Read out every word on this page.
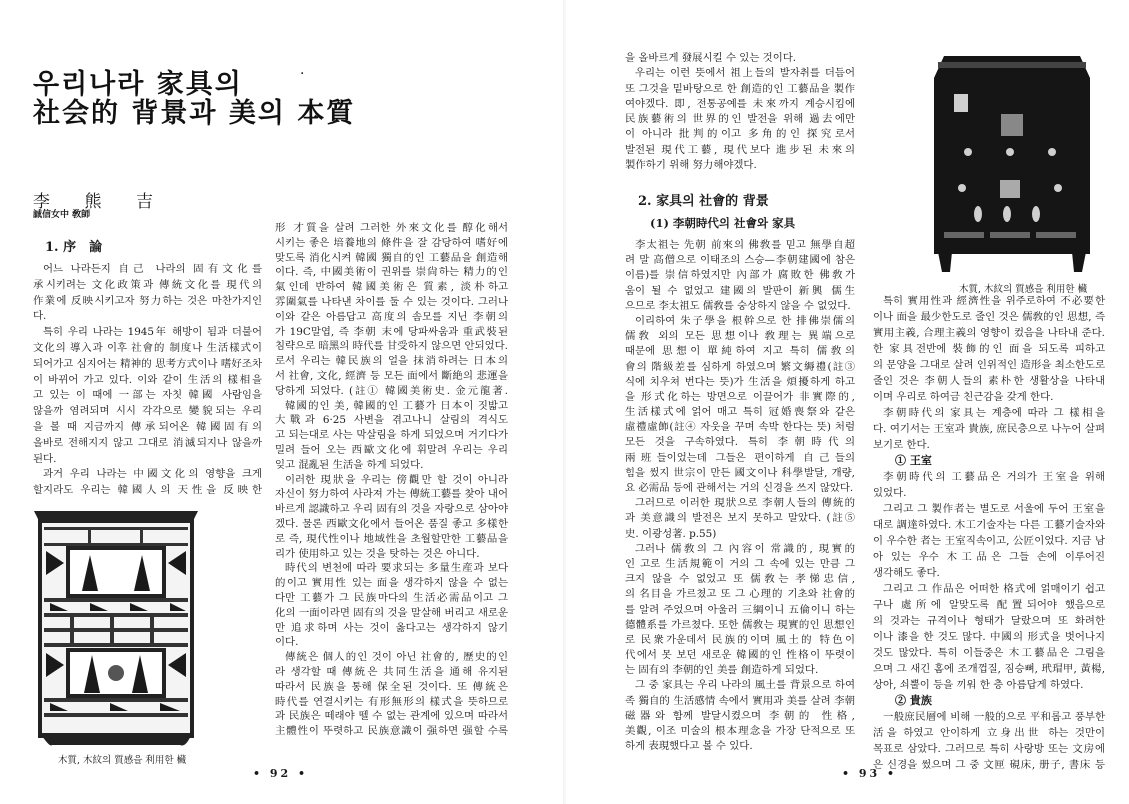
우리나라 家具의	·
社会的 背景과 美의 本質
李 熊 吉
誠信女中 敎師
1. 序　論
어느 나라든지 自己 나라의 固有文化를
承시키려는 文化政策과 傳統文化를 現代의
作業에 反映시키고자 努力하는 것은 마찬가지인
다.
특히 우리 나라는 1945年 해방이 됨과 더불어
文化의 導入과 이후 社會的 制度나 生活樣式이
되어가고 심지어는 精神的 思考方式이나 嗜好조차
이 바뀌어 가고 있다. 이와 같이 生活의 樣相을
고 있는 이 때에 一部는 자칫 韓國 사람임을
않을까 염려되며 시시 각각으로 變貌되는 우리
을 볼 때 지금까지 傳承되어온 韓國固有의
올바로 전해지지 않고 그대로 消滅되지나 않을까
된다.
과거 우리 나라는 中國文化의 영향을 크게
할지라도 우리는 韓國人의 天性을 反映한
木質, 木紋의 質感을 利用한 欌
形 才質을 살려 그러한 外來文化를 醇化해서
시키는 좋은 培養地의 條件을 잘 감당하여 嗜好에
맞도록 消化시켜 韓國 獨自的인 工藝品을 創造해
이다. 즉, 中國美術이 권위를 崇尙하는 精力的인
氣인데 반하여 韓國美術은 質素, 淡朴하고
雰圍氣를 나타낸 차이를 둘 수 있는 것이다. 그러나
이와 같은 아름답고 高度의 솜모를 지닌 李朝의
가 19C말엽, 즉 李朝 末에 당파싸움과 重武裝된
침략으로 暗黑의 時代를 甘受하지 않으면 안되었다.
로서 우리는 韓民族의 얼을 抹消하려는 日本의
서 社會, 文化, 經濟 등 모든 面에서 斷絶의 悲運을
당하게 되었다. (註① 韓國美術史. 金元龍著.
韓國的인 美, 韓國的인 工藝가 日本이 짓밟고
大戰과 6·25 사변을 겪고나니 살림의 격식도
고 되는대로 사는 막살림을 하게 되었으며 거기다가
밀려 들어 오는 西歐文化에 휘말려 우리는 우리
잊고 混亂된 生活을 하게 되었다.
이러한 現狀을 우리는 傍觀만 할 것이 아니라
자신이 努力하여 사라져 가는 傳統工藝를 찾아 내어
바르게 認識하고 우리 固有의 것을 자랑으로 삼아야
겠다. 물론 西歐文化에서 들어온 품질 좋고 多樣한
로 즉, 現代性이나 地域性을 초월할만한 工藝品을
리가 使用하고 있는 것을 탓하는 것은 아니다.
時代의 변천에 따라 要求되는 多量生産과 보다
的이고 實用性 있는 面을 생각하지 않을 수 없는
다만 工藝가 그 民族마다의 生活必需品이고 그
化의 一面이라면 固有의 것을 말살해 버리고 새로운
만 追求하며 사는 것이 옳다고는 생각하지 않기
이다.
傳統은 個人的인 것이 아닌 社會的, 歷史的인
라 생각할 때 傳統은 共同生活을 通해 유지된
따라서 民族을 통해 保全된 것이다. 또 傳統은
時代를 연결시키는 有形無形의 樣式을 뜻하므로
과 民族은 떼래야 뗄 수 없는 관계에 있으며 따라서
主體性이 뚜렷하고 民族意識이 强하면 强할 수록
• 92 •
을 올바르게 發展시킬 수 있는 것이다.
우리는 이런 뜻에서 祖上들의 발자취를 더듬어
또 그것을 밑바탕으로 한 創造的인 工藝品을 製作
여야겠다. 即, 전통공예를 未來까지 계승시킴에
民族藝術의 世界的인 발전을 위해 過去에만
이 아니라 批判的이고 多角的인 探究로서
발전된 現代工藝, 現代보다 進步된 未來의
製作하기 위해 努力해야겠다.
2. 家具의 社會的 背景
(1) 李朝時代의 社會와 家具
李太祖는 先朝 前來의 佛敎를 믿고 無學自超
려 말 高僧으로 이태조의 스승—李朝建國에 참은
이름)를 崇信하였지만 內部가 腐敗한 佛敎가
움이 될 수 없었고 建國의 발판이 新興 儒生
으므로 李太祖도 儒敎를 숭상하지 않을 수 없었다.
이리하여 朱子學을 根幹으로 한 排佛崇儒의
儒敎 외의 모든 思想이나 敎理는 異端으로
때문에 思想이 單純하여 지고 특히 儒敎의
會의 階級差를 심하게 하였으며 繁文縟禮(註③
식에 치우쳐 번다는 뜻)가 生活을 煩擾하게 하고
을 形式化하는 방면으로 이끌어가 非實際的,
生活樣式에 얽어 매고 특히 冠婚喪祭와 같은
虛禮虛飾(註④ 자웃을 꾸며 속박 한다는 뜻) 처럼
모든 것을 구속하였다. 특히 李朝時代의
兩班들이었는데 그들은 편이하게 自己들의
힘을 썼지 世宗이 만든 國文이나 科學발달, 개량,
요 必需品 등에 관해서는 거의 신경을 쓰지 않았다.
그러므로 이러한 現狀으로 李朝人들의 傳統的
과 美意識의 발전은 보지 못하고 말았다. (註⑤
史. 이광성著. p.55)
그러나 儒敎의 그 內容이 常識的, 現實的
인 고로 生活規範이 거의 그 속에 있는 만큼 그
크지 않을 수 없었고 또 儒敎는 孝悌忠信,
의 名目을 가르쳤고 또 그 心理的 기초와 社會的
를 알려 주었으며 아울러 三綱이니 五倫이니 하는
德體系를 가르쳤다. 또한 儒敎는 現實的인 思想인
로 民衆가운데서 民族的이며 風土的 特色이
代에서 못 보던 새로운 韓國的인 性格이 뚜렷이
는 固有의 李朝的인 美를 創造하게 되었다.
그 중 家具는 우리 나라의 風土를 背景으로 하여
족 獨自的 生活感情 속에서 實用과 美를 살려 李朝
磁器와 함께 발달시켰으며 李朝的 性格,
美觀, 이조 미술의 根本理念을 가장 단적으로 또
하게 表現했다고 볼 수 있다.
木質, 木紋의 質感을 利用한 欌
특히 實用性과 經濟性을 위주로하여 不必要한
이나 面을 最少한도로 줄인 것은 儒敎的인 思想, 즉
實用主義, 合理主義의 영향이 컸음을 나타내 준다.
한 家具전반에 裝飾的인 面을 되도록 피하고
의 문양을 그대로 살려 인위적인 造形을 최소한도로
줄인 것은 李朝人들의 素朴한 생활상을 나타내
이며 우리로 하여금 친근감을 갖게 한다.
李朝時代의 家具는 계층에 따라 그 樣相을
다. 여기서는 王室과 貴族, 庶民층으로 나누어 살펴
보기로 한다.
① 王室
李朝時代의 工藝品은 거의가 王室을 위해
있었다.
그리고 그 製作者는 별도로 서울에 두어 王室을
대로 調達하였다. 木工기술자는 다른 工藝기술자와
이 우수한 者는 王室직속이고, 公匠이었다. 지금 남
아 있는 우수 木工品은 그들 손에 이루어진
생각해도 좋다.
그리고 그 作品은 어떠한 格式에 얽매이기 쉽고
구나 處所에 알맞도록 配置되어야 했음으로
의 것과는 규격이나 형태가 달랐으며 또 화려한
이나 漆을 한 것도 많다. 中國의 形式을 벗어나지
것도 많았다. 특히 이들중은 木工藝品은 그림을
으며 그 새긴 홈에 조개껍질, 짐승뼈, 玳瑁甲, 黃楊,
상아, 쇠뿔이 등을 끼워 한 층 아름답게 하였다.
② 貴族
一般庶民層에 비해 一般的으로 平和롭고 풍부한
活을 하였고 안이하게 立身出世 하는 것만이
목표로 삼았다. 그러므로 특히 사랑방 또는 文房에
은 신경을 썼으며 그 중 文匣 硯床, 册子, 書床 등
• 93 •
